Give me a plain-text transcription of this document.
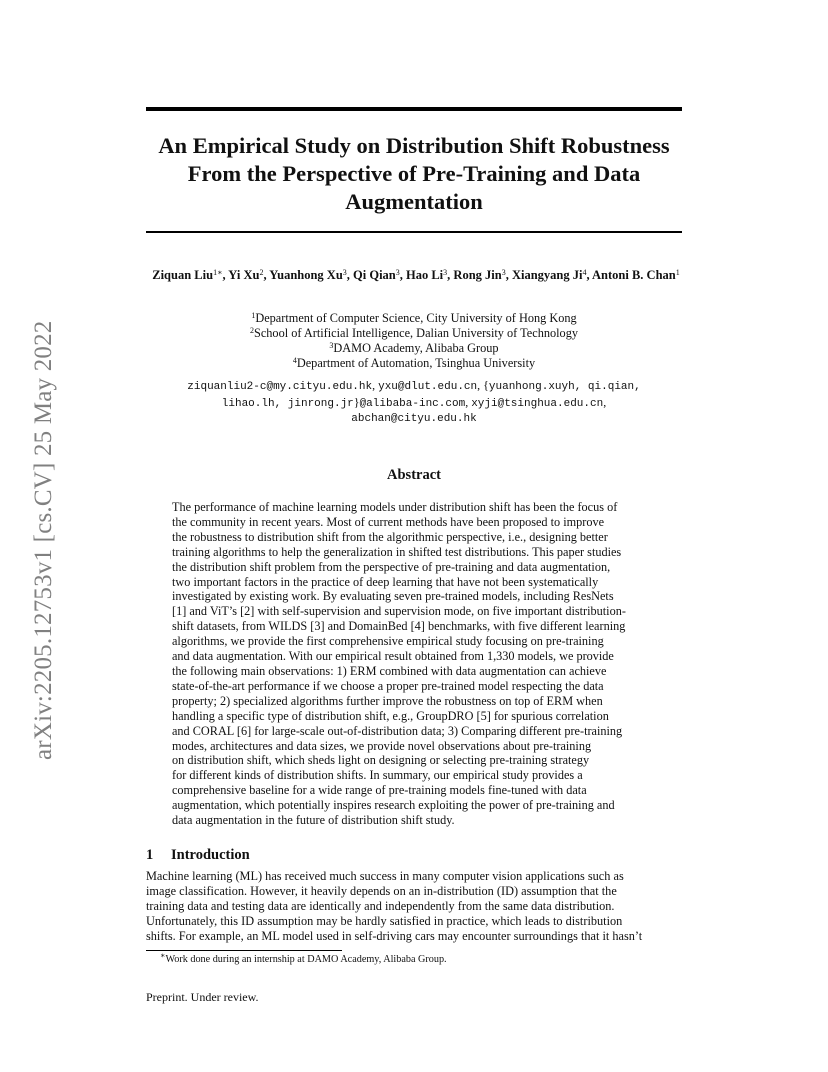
arXiv:2205.12753v1 [cs.CV] 25 May 2022
An Empirical Study on Distribution Shift Robustness
From the Perspective of Pre-Training and Data
Augmentation
Ziquan Liu$^{1∗}$, Yi Xu$^2$, Yuanhong Xu$^3$, Qi Qian$^3$, Hao Li$^3$, Rong Jin$^3$, Xiangyang Ji$^4$, Antoni B. Chan$^1$
$^1$Department of Computer Science, City University of Hong Kong
$^2$School of Artificial Intelligence, Dalian University of Technology
$^3$DAMO Academy, Alibaba Group
$^4$Department of Automation, Tsinghua University
ziquanliu2-c@my.cityu.edu.hk, yxu@dlut.edu.cn, {yuanhong.xuyh, qi.qian,
lihao.lh, jinrong.jr}@alibaba-inc.com, xyji@tsinghua.edu.cn,
abchan@cityu.edu.hk
Abstract
The performance of machine learning models under distribution shift has been the focus of
the community in recent years. Most of current methods have been proposed to improve
the robustness to distribution shift from the algorithmic perspective, i.e., designing better
training algorithms to help the generalization in shifted test distributions. This paper studies
the distribution shift problem from the perspective of pre-training and data augmentation,
two important factors in the practice of deep learning that have not been systematically
investigated by existing work. By evaluating seven pre-trained models, including ResNets
[1] and ViT’s [2] with self-supervision and supervision mode, on five important distribution-
shift datasets, from WILDS [3] and DomainBed [4] benchmarks, with five different learning
algorithms, we provide the first comprehensive empirical study focusing on pre-training
and data augmentation. With our empirical result obtained from 1,330 models, we provide
the following main observations: 1) ERM combined with data augmentation can achieve
state-of-the-art performance if we choose a proper pre-trained model respecting the data
property; 2) specialized algorithms further improve the robustness on top of ERM when
handling a specific type of distribution shift, e.g., GroupDRO [5] for spurious correlation
and CORAL [6] for large-scale out-of-distribution data; 3) Comparing different pre-training
modes, architectures and data sizes, we provide novel observations about pre-training
on distribution shift, which sheds light on designing or selecting pre-training strategy
for different kinds of distribution shifts. In summary, our empirical study provides a
comprehensive baseline for a wide range of pre-training models fine-tuned with data
augmentation, which potentially inspires research exploiting the power of pre-training and
data augmentation in the future of distribution shift study.
1 Introduction
Machine learning (ML) has received much success in many computer vision applications such as
image classification. However, it heavily depends on an in-distribution (ID) assumption that the
training data and testing data are identically and independently from the same data distribution.
Unfortunately, this ID assumption may be hardly satisfied in practice, which leads to distribution
shifts. For example, an ML model used in self-driving cars may encounter surroundings that it hasn’t
∗Work done during an internship at DAMO Academy, Alibaba Group.
Preprint. Under review.
